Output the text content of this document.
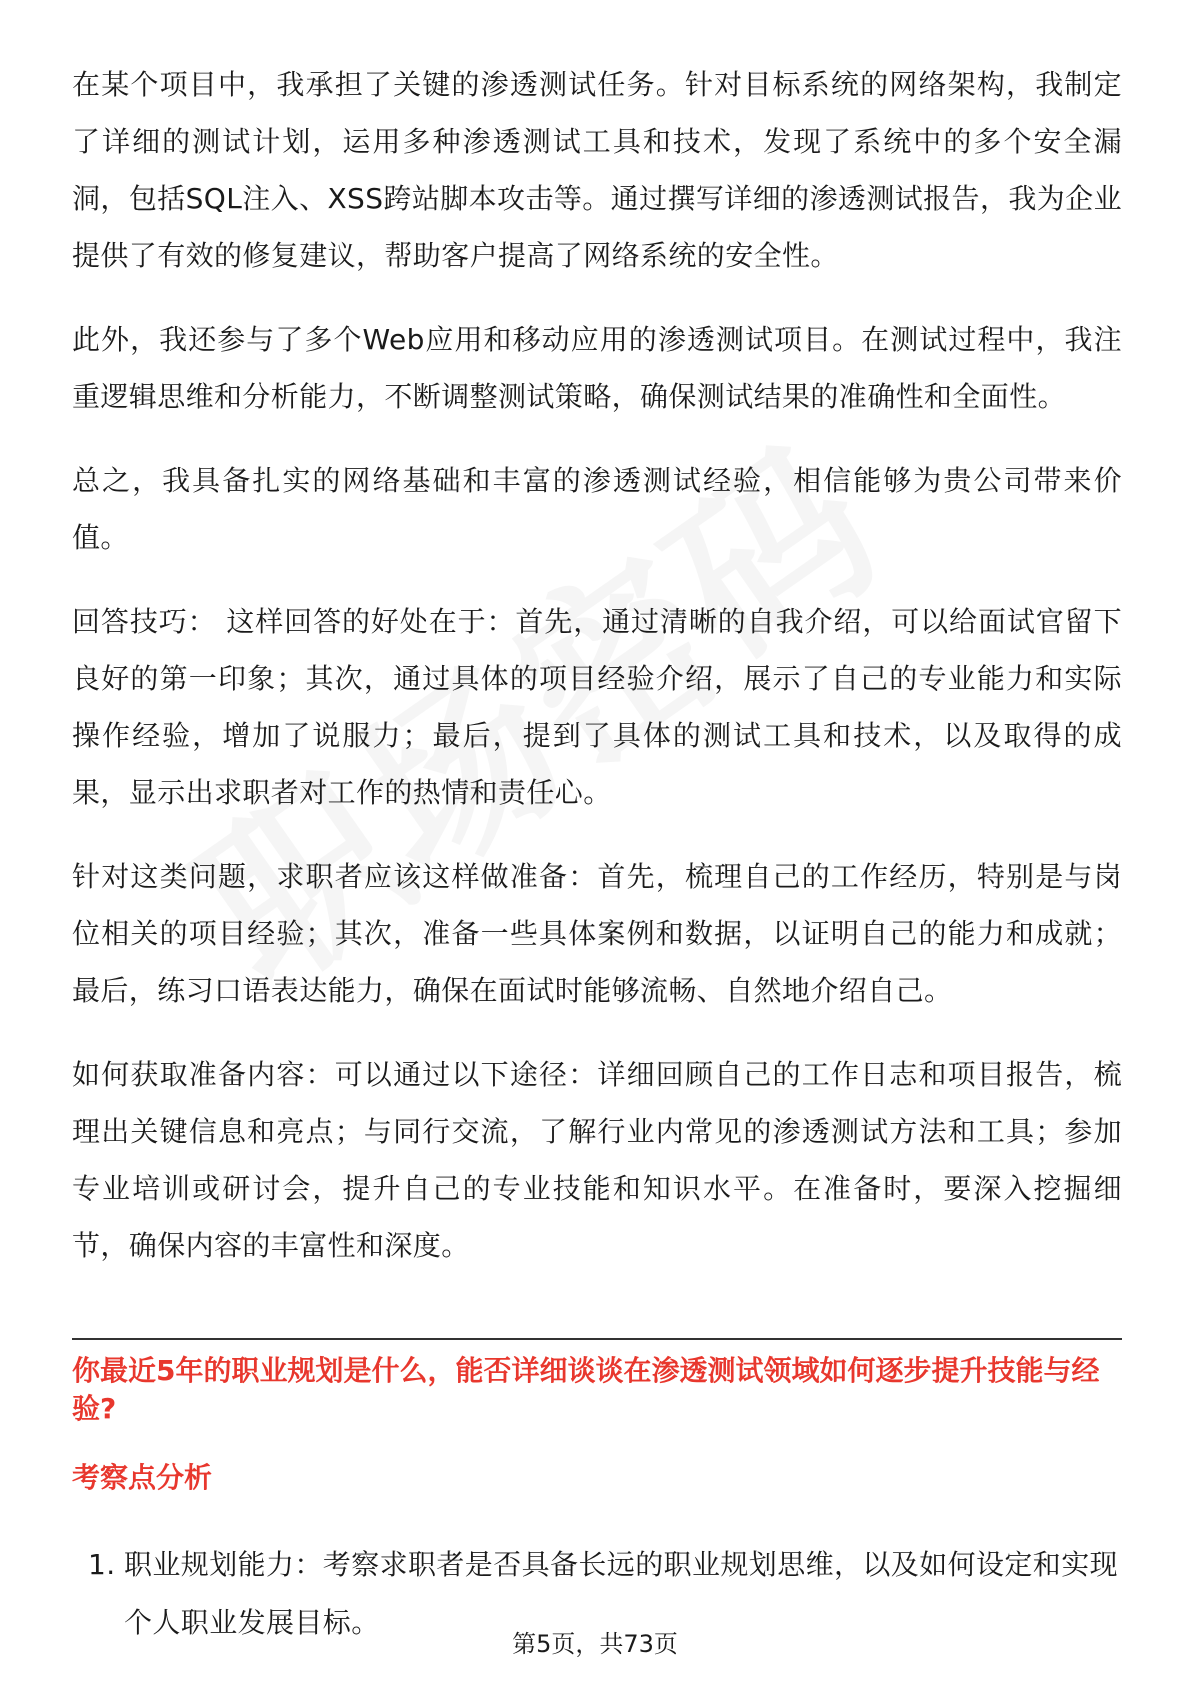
在某个项目中，我承担了关键的渗透测试任务。针对目标系统的网络架构，我制定了详细的测试计划，运用多种渗透测试工具和技术，发现了系统中的多个安全漏洞，包括SQL注入、XSS跨站脚本攻击等。通过撰写详细的渗透测试报告，我为企业提供了有效的修复建议，帮助客户提高了网络系统的安全性。

此外，我还参与了多个Web应用和移动应用的渗透测试项目。在测试过程中，我注重逻辑思维和分析能力，不断调整测试策略，确保测试结果的准确性和全面性。

总之，我具备扎实的网络基础和丰富的渗透测试经验，相信能够为贵公司带来价值。

回答技巧： 这样回答的好处在于：首先，通过清晰的自我介绍，可以给面试官留下良好的第一印象；其次，通过具体的项目经验介绍，展示了自己的专业能力和实际操作经验，增加了说服力；最后，提到了具体的测试工具和技术，以及取得的成果，显示出求职者对工作的热情和责任心。

针对这类问题，求职者应该这样做准备：首先，梳理自己的工作经历，特别是与岗位相关的项目经验；其次，准备一些具体案例和数据，以证明自己的能力和成就；最后，练习口语表达能力，确保在面试时能够流畅、自然地介绍自己。

如何获取准备内容：可以通过以下途径：详细回顾自己的工作日志和项目报告，梳理出关键信息和亮点；与同行交流，了解行业内常见的渗透测试方法和工具；参加专业培训或研讨会，提升自己的专业技能和知识水平。在准备时，要深入挖掘细节，确保内容的丰富性和深度。

你最近5年的职业规划是什么，能否详细谈谈在渗透测试领域如何逐步提升技能与经验?
考察点分析
1. 职业规划能力：考察求职者是否具备长远的职业规划思维，以及如何设定和实现个人职业发展目标。
第5页，共73页
